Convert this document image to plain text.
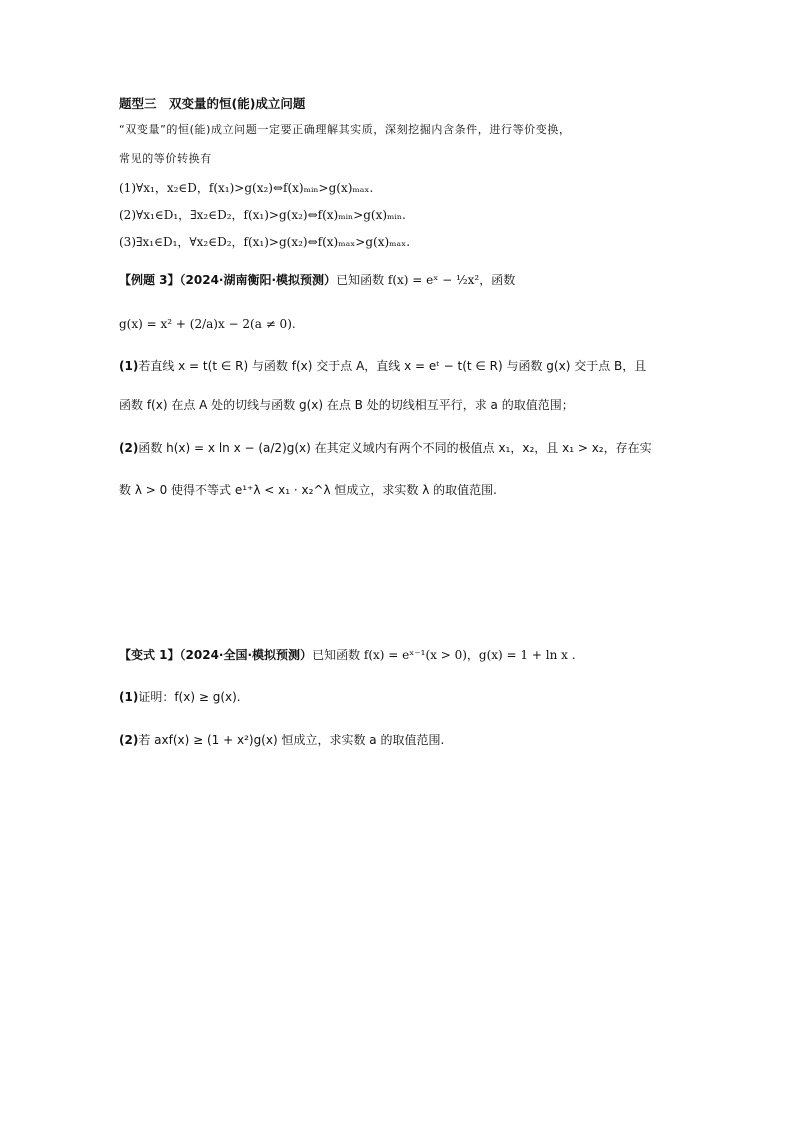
题型三　双变量的恒(能)成立问题
“双变量”的恒(能)成立问题一定要正确理解其实质，深刻挖掘内含条件，进行等价变换，
常见的等价转换有
(1)∀x₁，x₂∈D，f(x₁)>g(x₂)⇔f(x)ₘᵢₙ>g(x)ₘₐₓ.
(2)∀x₁∈D₁，∃x₂∈D₂，f(x₁)>g(x₂)⇔f(x)ₘᵢₙ>g(x)ₘᵢₙ.
(3)∃x₁∈D₁，∀x₂∈D₂，f(x₁)>g(x₂)⇔f(x)ₘₐₓ>g(x)ₘₐₓ.
【例题 3】（2024·湖南衡阳·模拟预测）已知函数 f(x) = eˣ − ½x²，函数
g(x) = x² + (2/a)x − 2(a ≠ 0).
(1)若直线 x = t(t ∈ R) 与函数 f(x) 交于点 A，直线 x = eᵗ − t(t ∈ R) 与函数 g(x) 交于点 B，且
函数 f(x) 在点 A 处的切线与函数 g(x) 在点 B 处的切线相互平行，求 a 的取值范围；
(2)函数 h(x) = x ln x − (a/2)g(x) 在其定义域内有两个不同的极值点 x₁，x₂，且 x₁ > x₂，存在实
数 λ > 0 使得不等式 e¹⁺λ < x₁ · x₂^λ 恒成立，求实数 λ 的取值范围.
【变式 1】（2024·全国·模拟预测）已知函数 f(x) = eˣ⁻¹(x > 0)，g(x) = 1 + ln x .
(1)证明：f(x) ≥ g(x).
(2)若 axf(x) ≥ (1 + x²)g(x) 恒成立，求实数 a 的取值范围.
